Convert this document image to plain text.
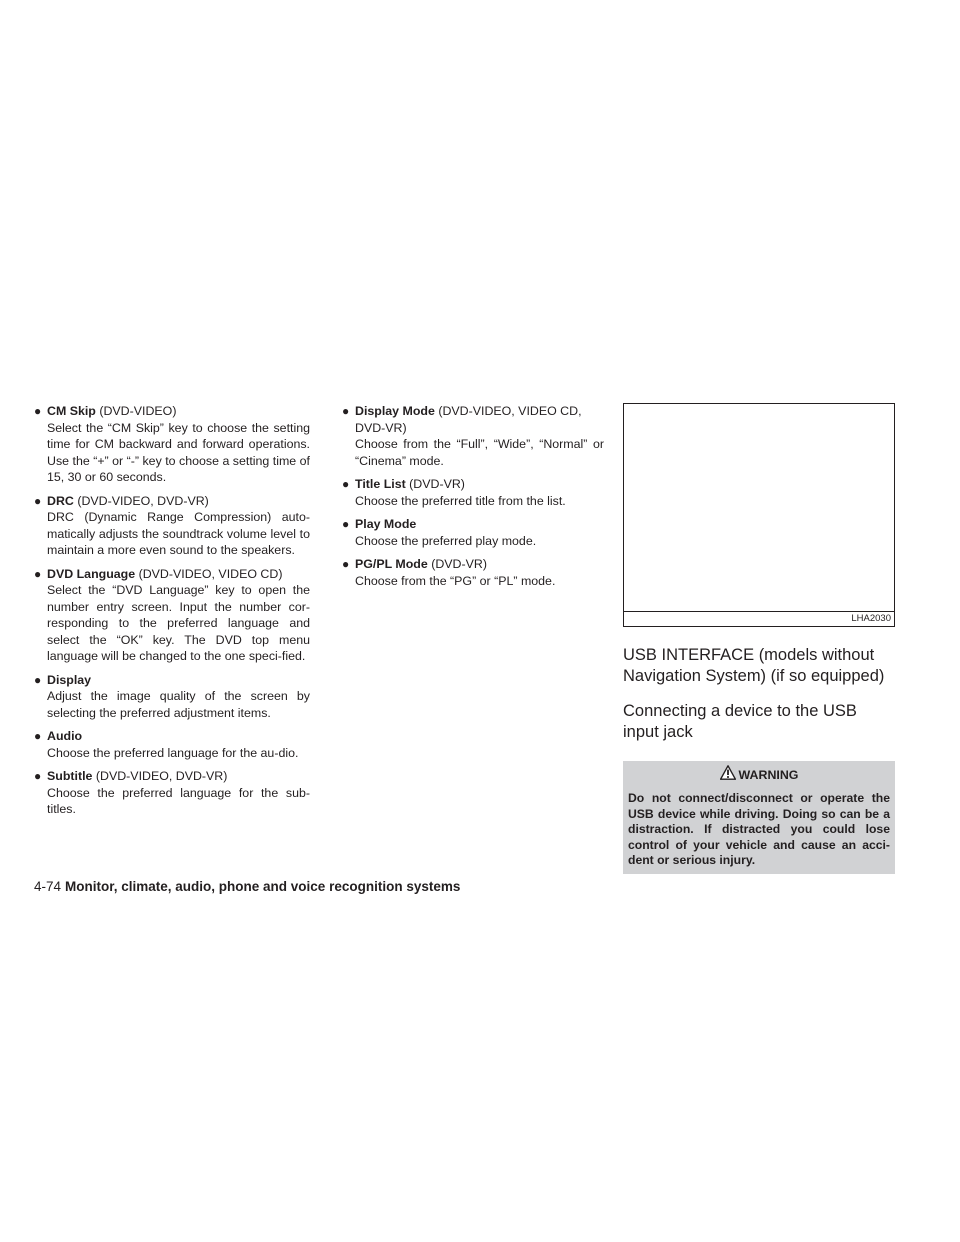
● CM Skip (DVD-VIDEO)
Select the “CM Skip” key to choose the setting time for CM backward and forward operations. Use the “+” or “-” key to choose a setting time of 15, 30 or 60 seconds.
● DRC (DVD-VIDEO, DVD-VR)
DRC (Dynamic Range Compression) auto-matically adjusts the soundtrack volume level to maintain a more even sound to the speakers.
● DVD Language (DVD-VIDEO, VIDEO CD)
Select the “DVD Language” key to open the number entry screen. Input the number cor-responding to the preferred language and select the “OK” key. The DVD top menu language will be changed to the one speci-fied.
● Display
Adjust the image quality of the screen by selecting the preferred adjustment items.
● Audio
Choose the preferred language for the au-dio.
● Subtitle (DVD-VIDEO, DVD-VR)
Choose the preferred language for the sub-titles.
● Display Mode (DVD-VIDEO, VIDEO CD, DVD-VR)
Choose from the “Full”, “Wide”, “Normal” or “Cinema” mode.
● Title List (DVD-VR)
Choose the preferred title from the list.
● Play Mode
Choose the preferred play mode.
● PG/PL Mode (DVD-VR)
Choose from the “PG” or “PL” mode.
LHA2030
USB INTERFACE (models without Navigation System) (if so equipped)
Connecting a device to the USB input jack
WARNING
Do not connect/disconnect or operate the USB device while driving. Doing so can be a distraction. If distracted you could lose control of your vehicle and cause an acci-dent or serious injury.
4-74 Monitor, climate, audio, phone and voice recognition systems
